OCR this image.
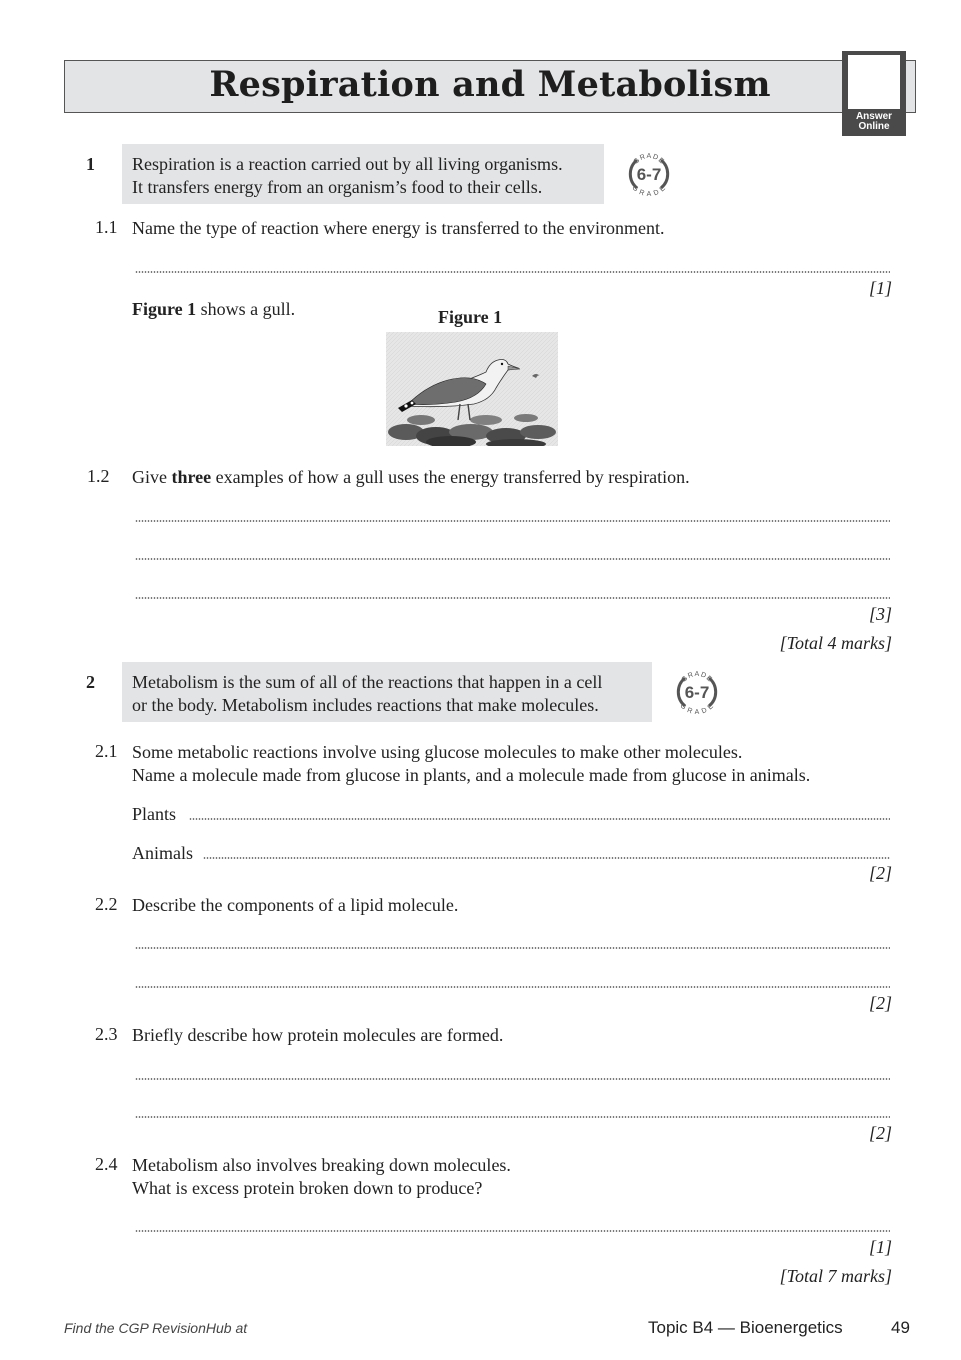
Respiration and Metabolism
Answer
Online
1 Respiration is a reaction carried out by all living organisms.
It transfers energy from an organism’s food to their cells.
6-7
GRADE
GRADE
1.1 Name the type of reaction where energy is transferred to the environment.
[1]
Figure 1 shows a gull.	Figure 1
1.2 Give three examples of how a gull uses the energy transferred by respiration.
[3]
[Total 4 marks]
2 Metabolism is the sum of all of the reactions that happen in a cell
or the body. Metabolism includes reactions that make molecules.
6-7
GRADE
GRADE
2.1 Some metabolic reactions involve using glucose molecules to make other molecules.
Name a molecule made from glucose in plants, and a molecule made from glucose in animals.
Plants
Animals
[2]
2.2 Describe the components of a lipid molecule.
[2]
2.3 Briefly describe how protein molecules are formed.
[2]
2.4 Metabolism also involves breaking down molecules.
What is excess protein broken down to produce?
[1]
[Total 7 marks]
Find the CGP RevisionHub at	Topic B4 — Bioenergetics	49
